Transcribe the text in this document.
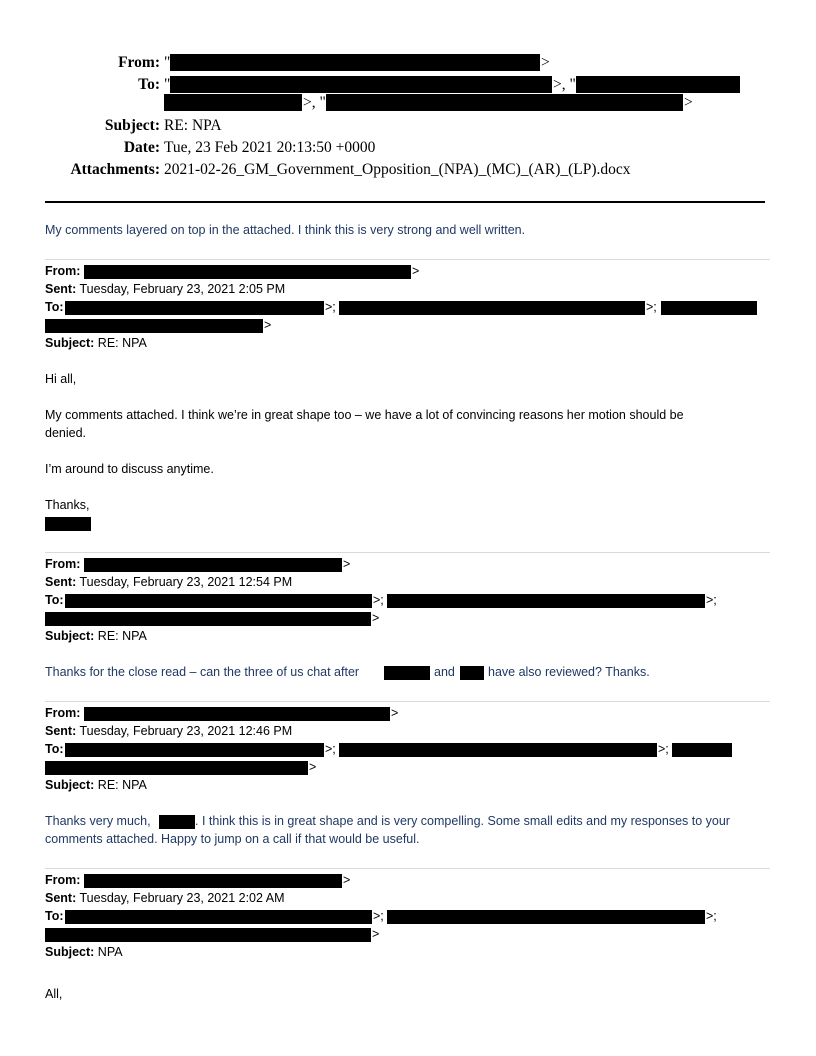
From: "	>
To: "	>, "
>, "	>
Subject: RE: NPA
Date: Tue, 23 Feb 2021 20:13:50 +0000
Attachments: 2021-02-26_GM_Government_Opposition_(NPA)_(MC)_(AR)_(LP).docx
My comments layered on top in the attached. I think this is very strong and well written.
From:	>
Sent: Tuesday, February 23, 2021 2:05 PM
To:	>;	>;
>
Subject: RE: NPA
Hi all,
My comments attached. I think we’re in great shape too – we have a lot of convincing reasons her motion should be
denied.
I’m around to discuss anytime.
Thanks,
From:	>
Sent: Tuesday, February 23, 2021 12:54 PM
To:	>;	>;
>
Subject: RE: NPA
Thanks for the close read – can the three of us chat after	and	have also reviewed? Thanks.
From:	>
Sent: Tuesday, February 23, 2021 12:46 PM
To:	>;	>;
>
Subject: RE: NPA
Thanks very much,	. I think this is in great shape and is very compelling. Some small edits and my responses to your
comments attached. Happy to jump on a call if that would be useful.
From:	>
Sent: Tuesday, February 23, 2021 2:02 AM
To:	>;	>;
>
Subject: NPA
All,
